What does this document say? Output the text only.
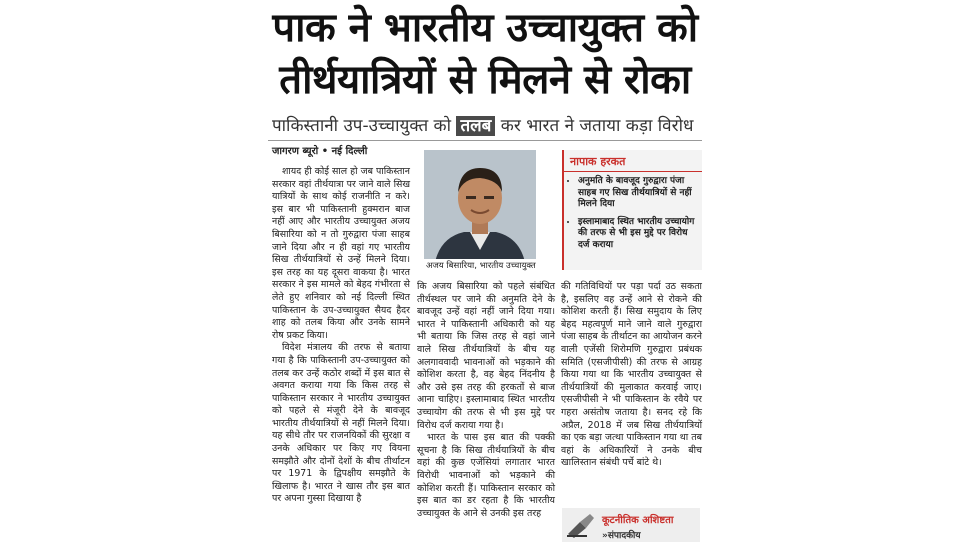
पाक ने भारतीय उच्चायुक्त को
तीर्थयात्रियों से मिलने से रोका
पाकिस्तानी उप-उच्चायुक्त को तलब कर भारत ने जताया कड़ा विरोध
जागरण ब्यूरो • नई दिल्ली

शायद ही कोई साल हो जब पाकिस्तान सरकार वहां तीर्थयात्रा पर जाने वाले सिख यात्रियों के साथ कोई राजनीति न करे। इस बार भी पाकिस्तानी हुक्मरान बाज नहीं आए और भारतीय उच्चायुक्त अजय बिसारिया को न तो गुरुद्वारा पंजा साहब जाने दिया और न ही वहां गए भारतीय सिख तीर्थयात्रियों से उन्हें मिलने दिया। इस तरह का यह दूसरा वाकया है। भारत सरकार ने इस मामले को बेहद गंभीरता से लेते हुए शनिवार को नई दिल्ली स्थित पाकिस्तान के उप-उच्चायुक्त सैयद हैदर शाह को तलब किया और उनके सामने रोष प्रकट किया।

विदेश मंत्रालय की तरफ से बताया गया है कि पाकिस्तानी उप-उच्चायुक्त को तलब कर उन्हें कठोर शब्दों में इस बात से अवगत कराया गया कि किस तरह से पाकिस्तान सरकार ने भारतीय उच्चायुक्त को पहले से मंजूरी देने के बावजूद भारतीय तीर्थयात्रियों से नहीं मिलने दिया। यह सीधे तौर पर राजनयिकों की सुरक्षा व उनके अधिकार पर किए गए वियना समझौते और दोनों देशों के बीच तीर्थाटन पर 1971 के द्विपक्षीय समझौते के खिलाफ है। भारत ने खास तौर इस बात पर अपना गुस्सा दिखाया है

अजय बिसारिया, भारतीय उच्चायुक्त
नापाक हरकत
• अनुमति के बावजूद गुरुद्वारा पंजा साहब गए सिख तीर्थयात्रियों से नहीं मिलने दिया
• इस्लामाबाद स्थित भारतीय उच्चायोग की तरफ से भी इस मुद्दे पर विरोध दर्ज कराया

कि अजय बिसारिया को पहले संबंधित तीर्थस्थल पर जाने की अनुमति देने के बावजूद उन्हें वहां नहीं जाने दिया गया। भारत ने पाकिस्तानी अधिकारी को यह भी बताया कि जिस तरह से वहां जाने वाले सिख तीर्थयात्रियों के बीच यह अलगाववादी भावनाओं को भड़काने की कोशिश करता है, वह बेहद निंदनीय है और उसे इस तरह की हरकतों से बाज आना चाहिए। इस्लामाबाद स्थित भारतीय उच्चायोग की तरफ से भी इस मुद्दे पर विरोध दर्ज कराया गया है।

भारत के पास इस बात की पक्की सूचना है कि सिख तीर्थयात्रियों के बीच वहां की कुछ एजेंसियां लगातार भारत विरोधी भावनाओं को भड़काने की कोशिश करती हैं। पाकिस्तान सरकार को इस बात का डर रहता है कि भारतीय उच्चायुक्त के आने से उनकी इस तरह

की गतिविधियों पर पड़ा पर्दा उठ सकता है, इसलिए वह उन्हें आने से रोकने की कोशिश करती हैं। सिख समुदाय के लिए बेहद महत्वपूर्ण माने जाने वाले गुरुद्वारा पंजा साहब के तीर्थाटन का आयोजन करने वाली एजेंसी शिरोमणि गुरुद्वारा प्रबंधक समिति (एसजीपीसी) की तरफ से आग्रह किया गया था कि भारतीय उच्चायुक्त से तीर्थयात्रियों की मुलाकात करवाई जाए। एसजीपीसी ने भी पाकिस्तान के रवैये पर गहरा असंतोष जताया है। सनद रहे कि अप्रैल, 2018 में जब सिख तीर्थयात्रियों का एक बड़ा जत्था पाकिस्तान गया था तब वहां के अधिकारियों ने उनके बीच खालिस्तान संबंधी पर्चे बांटे थे।

कूटनीतिक अशिष्टता
»संपादकीय
